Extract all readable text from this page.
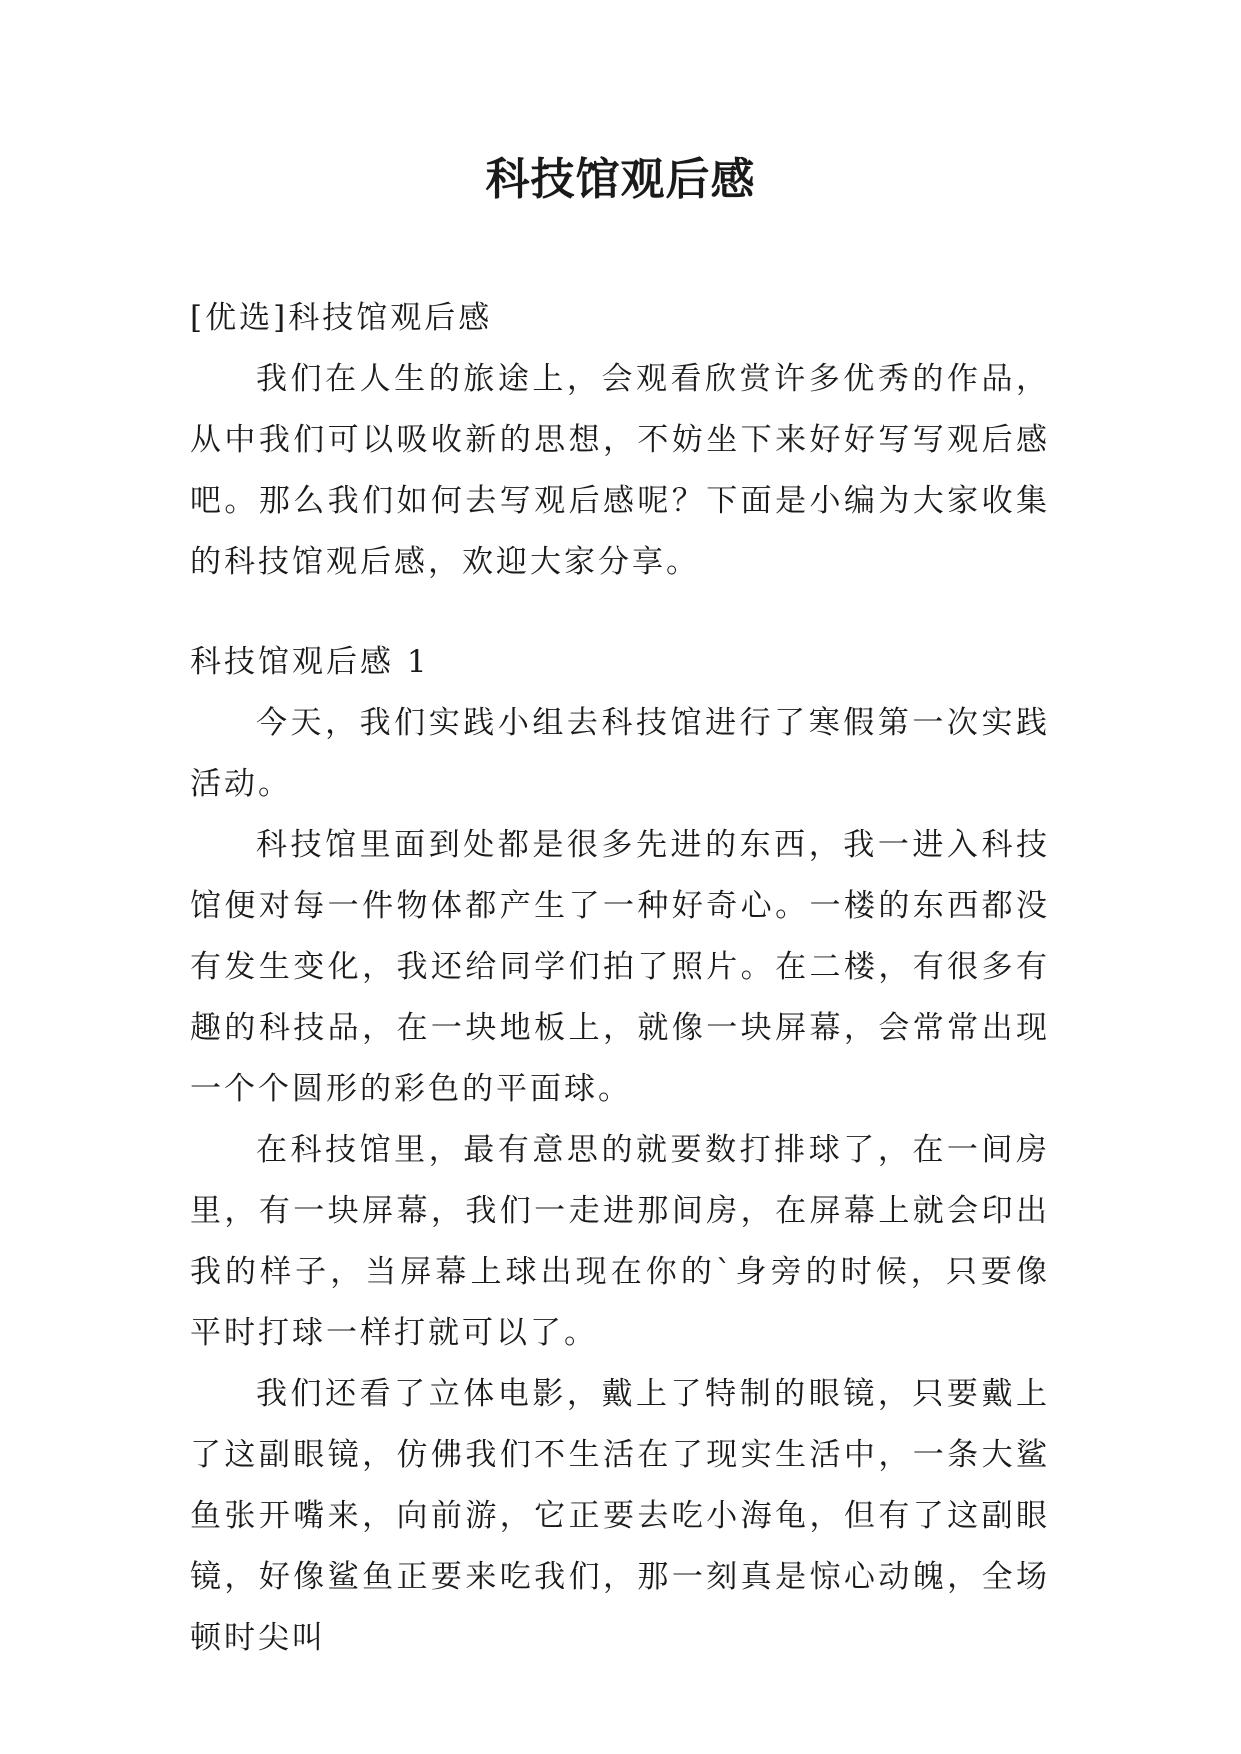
科技馆观后感

[优选]科技馆观后感

我们在人生的旅途上，会观看欣赏许多优秀的作品，从中我们可以吸收新的思想，不妨坐下来好好写写观后感吧。那么我们如何去写观后感呢？下面是小编为大家收集的科技馆观后感，欢迎大家分享。

科技馆观后感 1

今天，我们实践小组去科技馆进行了寒假第一次实践活动。

科技馆里面到处都是很多先进的东西，我一进入科技馆便对每一件物体都产生了一种好奇心。一楼的东西都没有发生变化，我还给同学们拍了照片。在二楼，有很多有趣的科技品，在一块地板上，就像一块屏幕，会常常出现一个个圆形的彩色的平面球。

在科技馆里，最有意思的就要数打排球了，在一间房里，有一块屏幕，我们一走进那间房，在屏幕上就会印出我的样子，当屏幕上球出现在你的`身旁的时候，只要像平时打球一样打就可以了。

我们还看了立体电影，戴上了特制的眼镜，只要戴上了这副眼镜，仿佛我们不生活在了现实生活中，一条大鲨鱼张开嘴来，向前游，它正要去吃小海龟，但有了这副眼镜，好像鲨鱼正要来吃我们，那一刻真是惊心动魄，全场顿时尖叫
